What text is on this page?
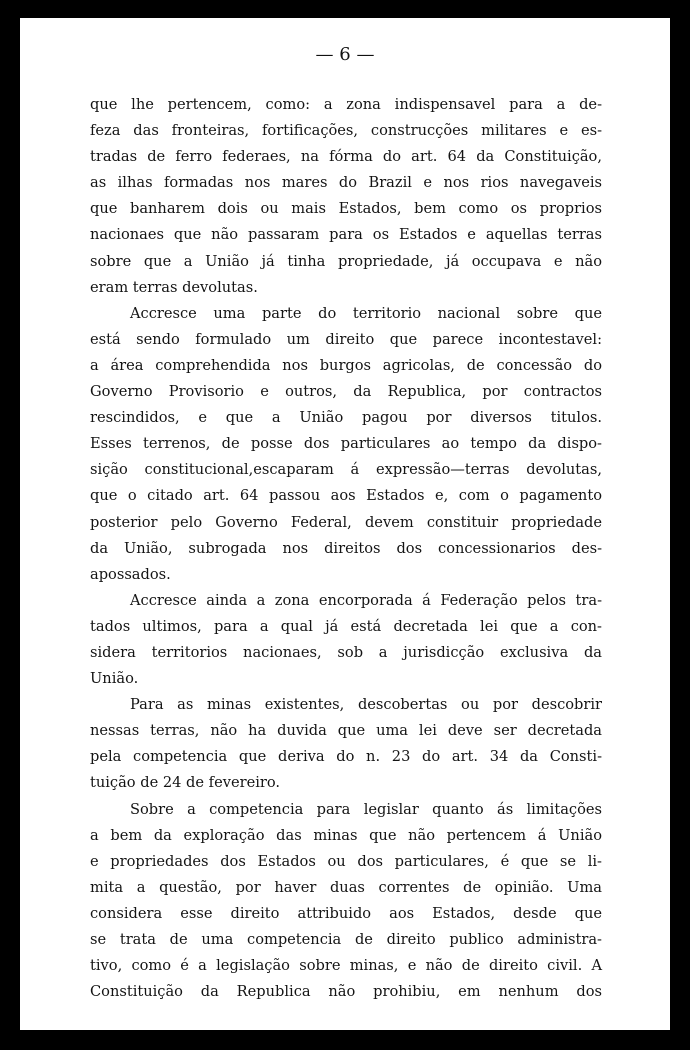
— 6 —
que lhe pertencem, como: a zona indispensavel para a de-
feza das fronteiras, fortificações, construcções militares e es-
tradas de ferro federaes, na fórma do art. 64 da Constituição,
as ilhas formadas nos mares do Brazil e nos rios navegaveis
que banharem dois ou mais Estados, bem como os proprios
nacionaes que não passaram para os Estados e aquellas terras
sobre que a União já tinha propriedade, já occupava e não
eram terras devolutas.
Accresce uma parte do territorio nacional sobre que
está sendo formulado um direito que parece incontestavel:
a área comprehendida nos burgos agricolas, de concessão do
Governo Provisorio e outros, da Republica, por contractos
rescindidos, e que a União pagou por diversos titulos.
Esses terrenos, de posse dos particulares ao tempo da dispo-
sição constitucional,escaparam á expressão—terras devolutas,
que o citado art. 64 passou aos Estados e, com o pagamento
posterior pelo Governo Federal, devem constituir propriedade
da União, subrogada nos direitos dos concessionarios des-
apossados.
Accresce ainda a zona encorporada á Federação pelos tra-
tados ultimos, para a qual já está decretada lei que a con-
sidera territorios nacionaes, sob a jurisdicção exclusiva da
União.
Para as minas existentes, descobertas ou por descobrir
nessas terras, não ha duvida que uma lei deve ser decretada
pela competencia que deriva do n. 23 do art. 34 da Consti-
tuição de 24 de fevereiro.
Sobre a competencia para legislar quanto ás limitações
a bem da exploração das minas que não pertencem á União
e propriedades dos Estados ou dos particulares, é que se li-
mita a questão, por haver duas correntes de opinião. Uma
considera esse direito attribuido aos Estados, desde que
se trata de uma competencia de direito publico administra-
tivo, como é a legislação sobre minas, e não de direito civil. A
Constituição da Republica não prohibiu, em nenhum dos
